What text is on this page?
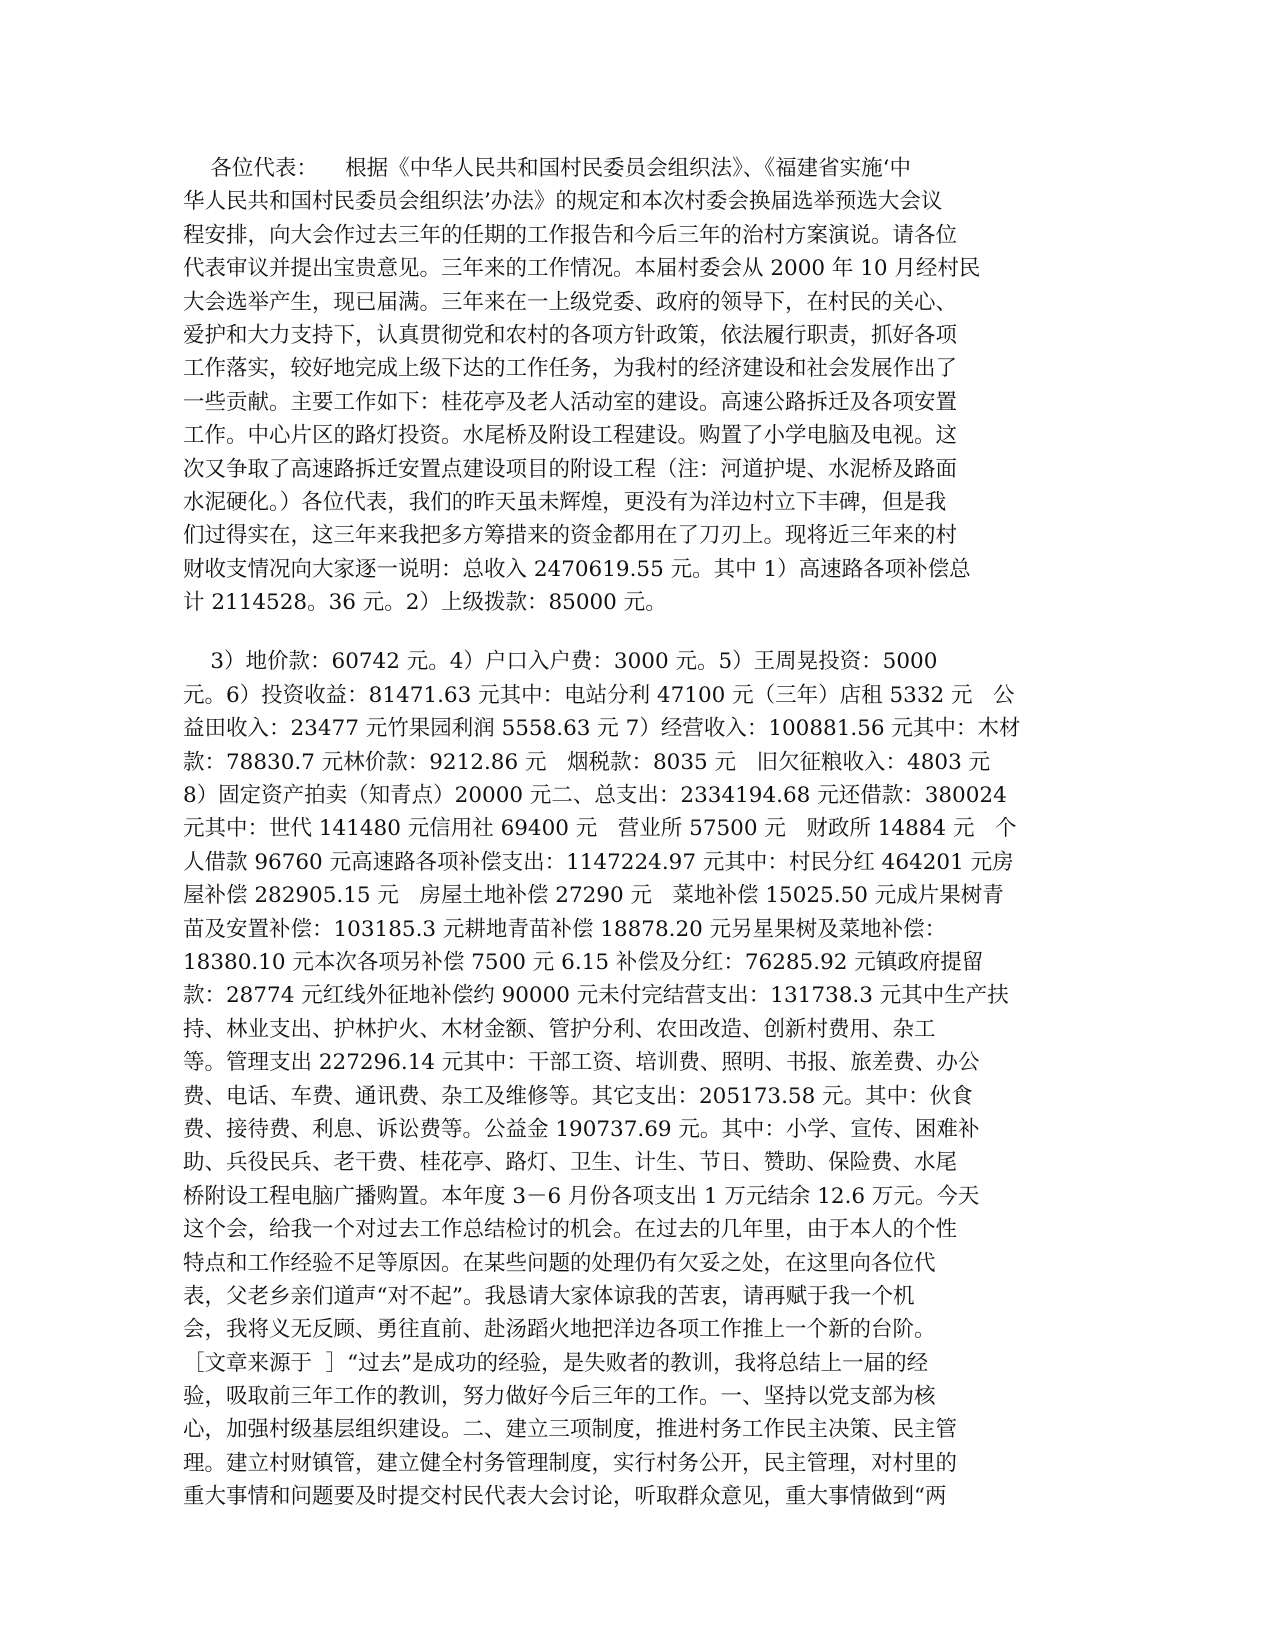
各位代表：    根据《中华人民共和国村民委员会组织法》、《福建省实施‘中
华人民共和国村民委员会组织法’办法》的规定和本次村委会换届选举预选大会议
程安排，向大会作过去三年的任期的工作报告和今后三年的治村方案演说。请各位
代表审议并提出宝贵意见。三年来的工作情况。本届村委会从 2000 年 10 月经村民
大会选举产生，现已届满。三年来在一上级党委、政府的领导下，在村民的关心、
爱护和大力支持下，认真贯彻党和农村的各项方针政策，依法履行职责，抓好各项
工作落实，较好地完成上级下达的工作任务，为我村的经济建设和社会发展作出了
一些贡献。主要工作如下：桂花亭及老人活动室的建设。高速公路拆迁及各项安置
工作。中心片区的路灯投资。水尾桥及附设工程建设。购置了小学电脑及电视。这
次又争取了高速路拆迁安置点建设项目的附设工程（注：河道护堤、水泥桥及路面
水泥硬化。）各位代表，我们的昨天虽未辉煌，更没有为洋边村立下丰碑，但是我
们过得实在，这三年来我把多方筹措来的资金都用在了刀刃上。现将近三年来的村
财收支情况向大家逐一说明：总收入 2470619.55 元。其中 1）高速路各项补偿总
计 2114528。36 元。2）上级拨款：85000 元。
3）地价款：60742 元。4）户口入户费：3000 元。5）王周晃投资：5000
元。6）投资收益：81471.63 元其中：电站分利 47100 元（三年）店租 5332 元   公
益田收入：23477 元竹果园利润 5558.63 元 7）经营收入：100881.56 元其中：木材
款：78830.7 元林价款：9212.86 元   烟税款：8035 元   旧欠征粮收入：4803 元
8）固定资产拍卖（知青点）20000 元二、总支出：2334194.68 元还借款：380024
元其中：世代 141480 元信用社 69400 元   营业所 57500 元   财政所 14884 元   个
人借款 96760 元高速路各项补偿支出：1147224.97 元其中：村民分红 464201 元房
屋补偿 282905.15 元   房屋土地补偿 27290 元   菜地补偿 15025.50 元成片果树青
苗及安置补偿：103185.3 元耕地青苗补偿 18878.20 元另星果树及菜地补偿：
18380.10 元本次各项另补偿 7500 元 6.15 补偿及分红：76285.92 元镇政府提留
款：28774 元红线外征地补偿约 90000 元未付完结营支出：131738.3 元其中生产扶
持、林业支出、护林护火、木材金额、管护分利、农田改造、创新村费用、杂工
等。管理支出 227296.14 元其中：干部工资、培训费、照明、书报、旅差费、办公
费、电话、车费、通讯费、杂工及维修等。其它支出：205173.58 元。其中：伙食
费、接待费、利息、诉讼费等。公益金 190737.69 元。其中：小学、宣传、困难补
助、兵役民兵、老干费、桂花亭、路灯、卫生、计生、节日、赞助、保险费、水尾
桥附设工程电脑广播购置。本年度 3－6 月份各项支出 1 万元结余 12.6 万元。今天
这个会，给我一个对过去工作总结检讨的机会。在过去的几年里，由于本人的个性
特点和工作经验不足等原因。在某些问题的处理仍有欠妥之处，在这里向各位代
表，父老乡亲们道声“对不起”。我恳请大家体谅我的苦衷，请再赋于我一个机
会，我将义无反顾、勇往直前、赴汤蹈火地把洋边各项工作推上一个新的台阶。
［文章来源于  ］“过去”是成功的经验，是失败者的教训，我将总结上一届的经
验，吸取前三年工作的教训，努力做好今后三年的工作。一、坚持以党支部为核
心，加强村级基层组织建设。二、建立三项制度，推进村务工作民主决策、民主管
理。建立村财镇管，建立健全村务管理制度，实行村务公开，民主管理，对村里的
重大事情和问题要及时提交村民代表大会讨论，听取群众意见，重大事情做到“两
